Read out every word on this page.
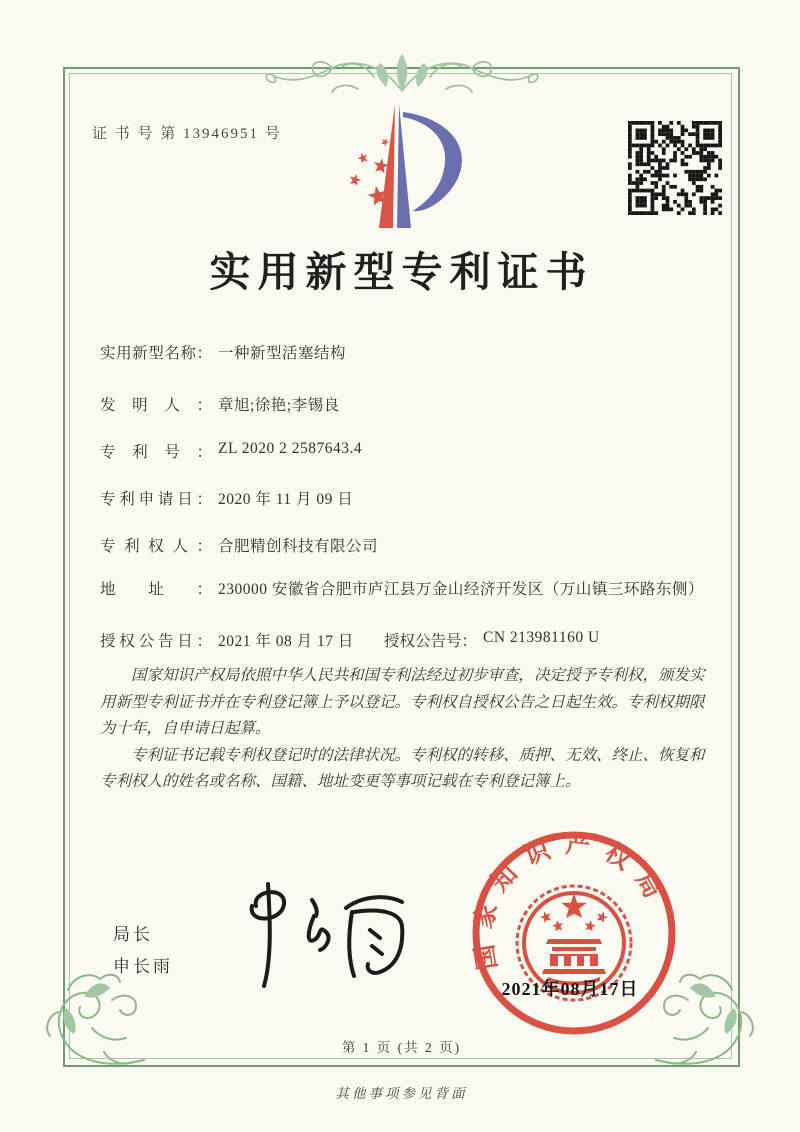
证 书 号 第 13946951 号
实用新型专利证书
实用新型名称： 一种新型活塞结构
发明人： 章旭;徐艳;李锡良
专利号： ZL 2020 2 2587643.4
专利申请日： 2020 年 11 月 09 日
专利权人： 合肥精创科技有限公司
地址： 230000 安徽省合肥市庐江县万金山经济开发区（万山镇三环路东侧）
授权公告日： 2021 年 08 月 17 日 授权公告号： CN 213981160 U

国家知识产权局依照中华人民共和国专利法经过初步审查，决定授予专利权，颁发实用新型专利证书并在专利登记簿上予以登记。专利权自授权公告之日起生效。专利权期限为十年，自申请日起算。

专利证书记载专利权登记时的法律状况。专利权的转移、质押、无效、终止、恢复和专利权人的姓名或名称、国籍、地址变更等事项记载在专利登记簿上。

局长
申长雨	国家知识产权局
2021年08月17日
第 1 页 (共 2 页)
其他事项参见背面
